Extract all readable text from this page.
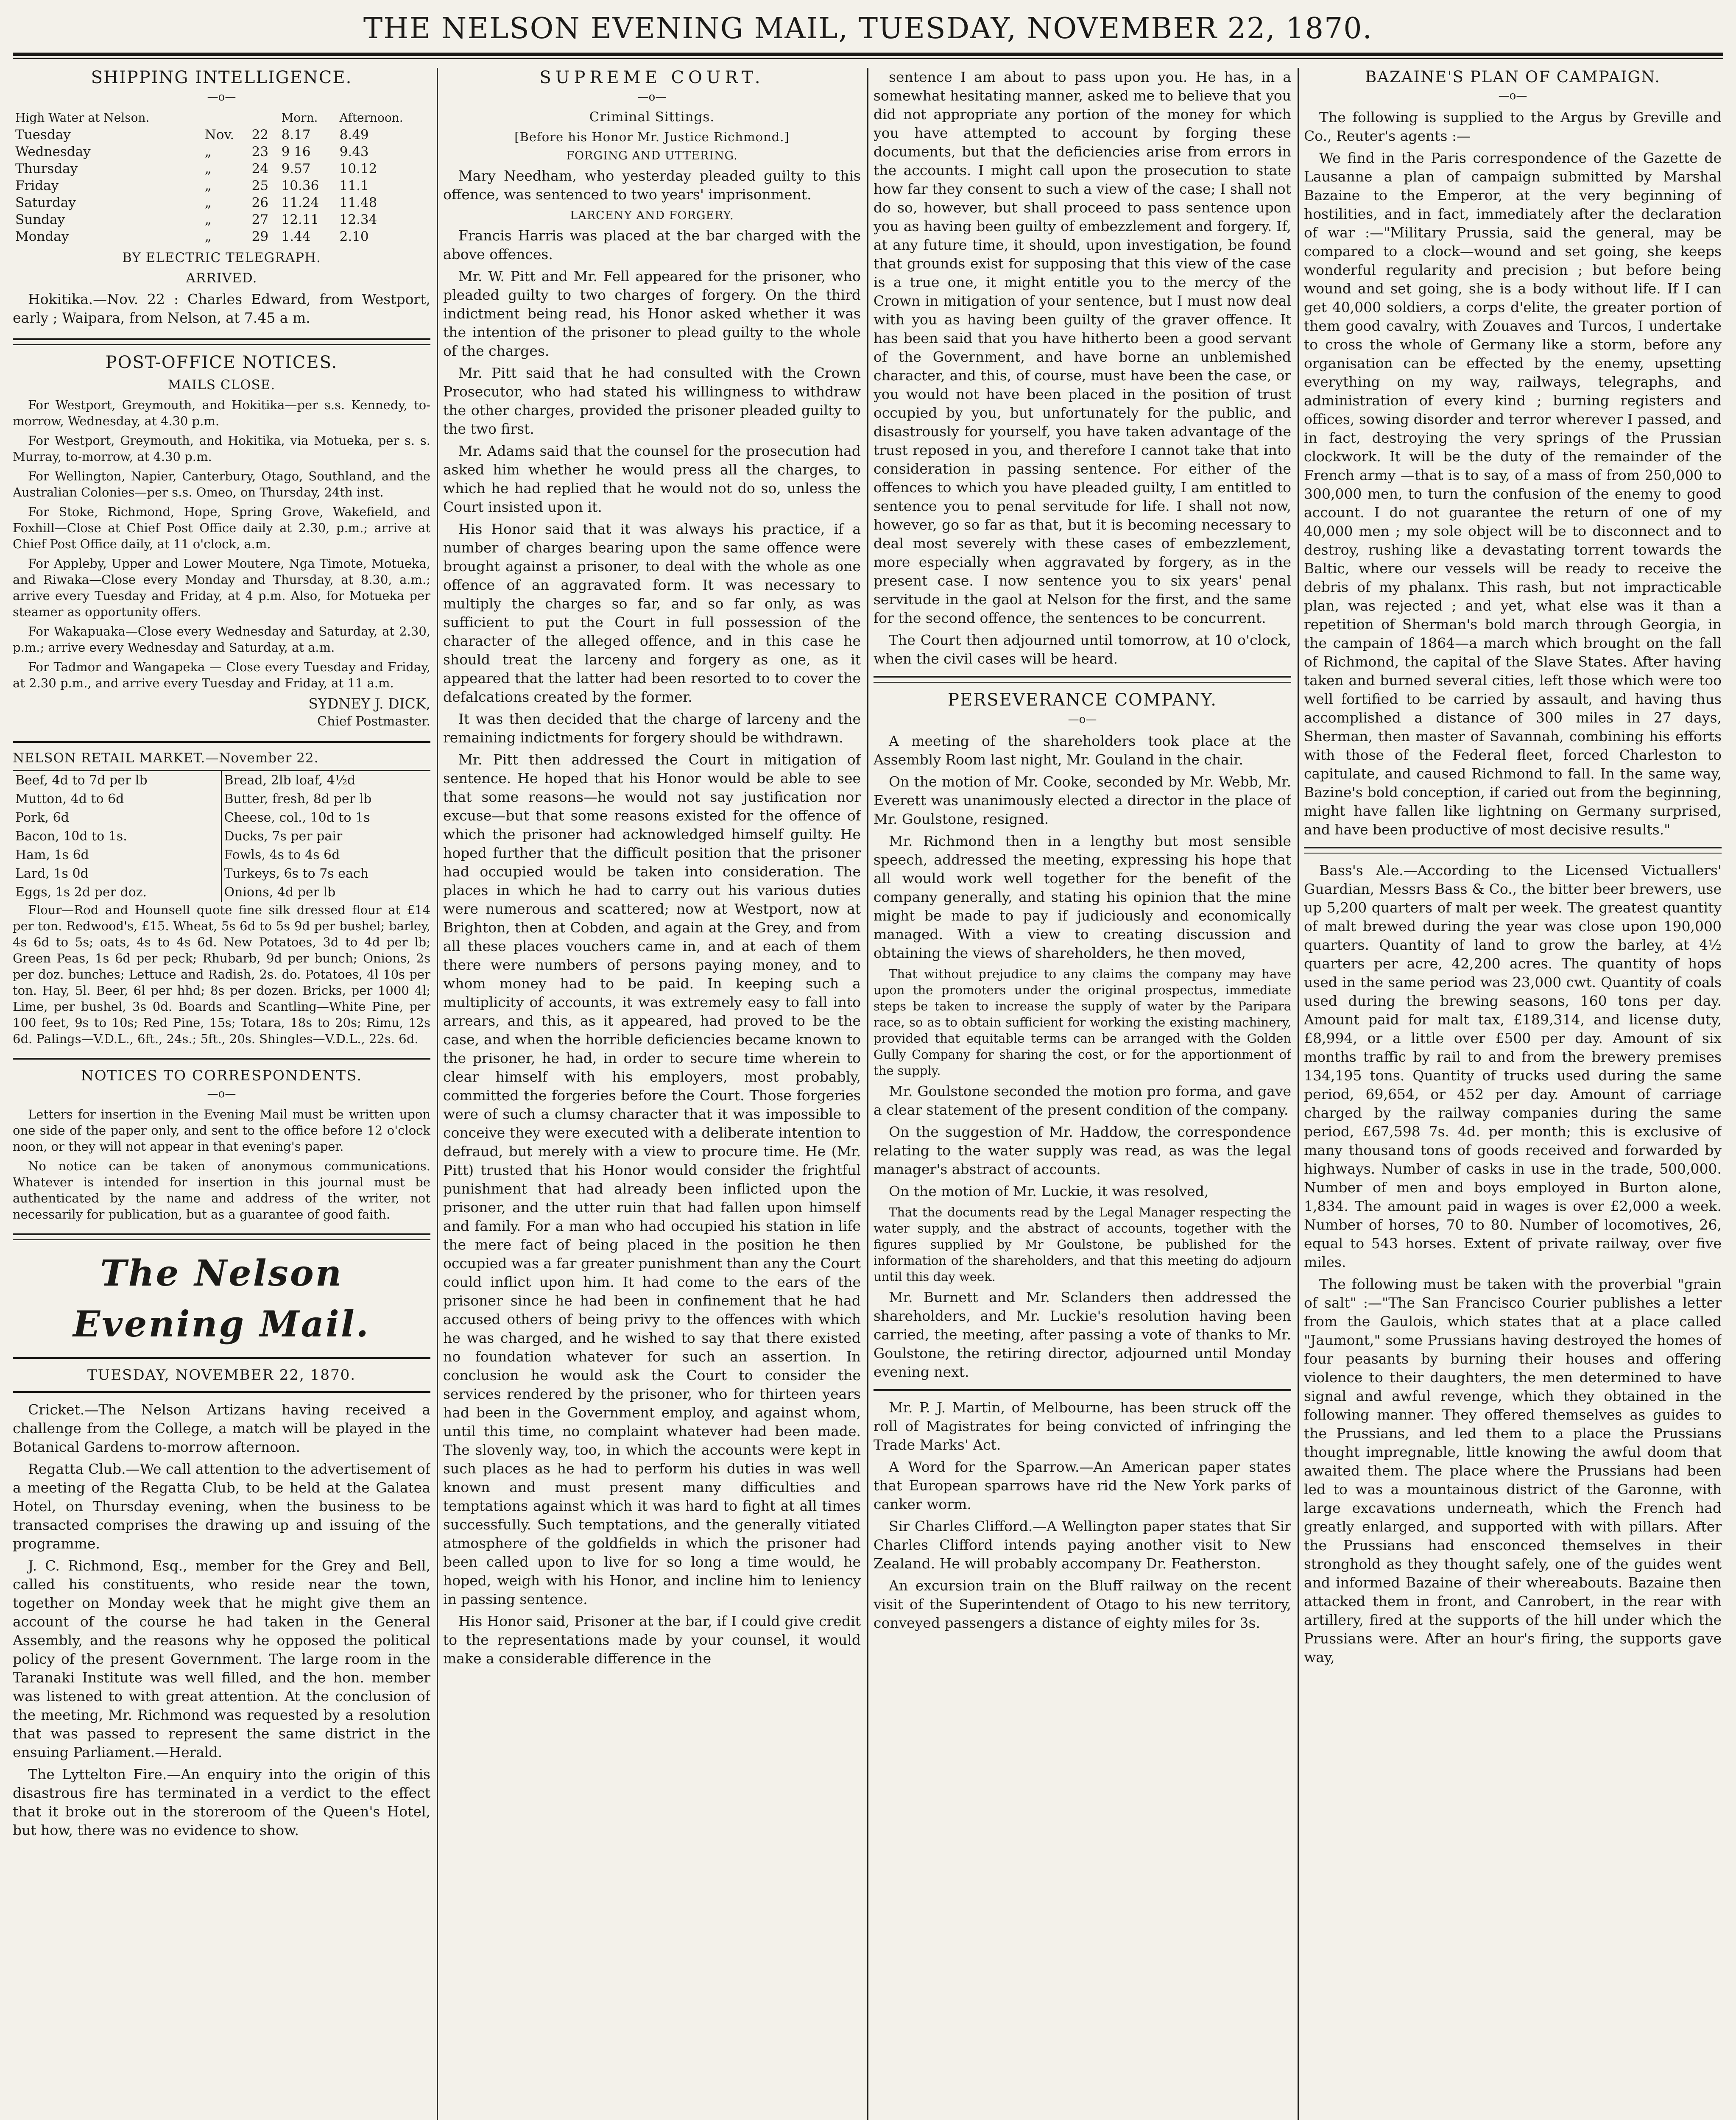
THE NELSON EVENING MAIL, TUESDAY, NOVEMBER 22, 1870.
SHIPPING INTELLIGENCE.
—o—
High Water at Nelson.			Morn.	Afternoon.
Tuesday	Nov.	22	8.17	8.49
Wednesday	„	23	9 16	9.43
Thursday	„	24	9.57	10.12
Friday	„	25	10.36	11.1
Saturday	„	26	11.24	11.48
Sunday	„	27	12.11	12.34
Monday	„	29	1.44	2.10
BY ELECTRIC TELEGRAPH.
ARRIVED.

Hokitika.—Nov. 22 : Charles Edward, from Westport, early ; Waipara, from Nelson, at 7.45 a m.

POST-OFFICE NOTICES.
MAILS CLOSE.

For Westport, Greymouth, and Hokitika—per s.s. Kennedy, to-morrow, Wednesday, at 4.30 p.m.

For Westport, Greymouth, and Hokitika, via Motueka, per s. s. Murray, to-morrow, at 4.30 p.m.

For Wellington, Napier, Canterbury, Otago, Southland, and the Australian Colonies—per s.s. Omeo, on Thursday, 24th inst.

For Stoke, Richmond, Hope, Spring Grove, Wakefield, and Foxhill—Close at Chief Post Office daily at 2.30, p.m.; arrive at Chief Post Office daily, at 11 o'clock, a.m.

For Appleby, Upper and Lower Moutere, Nga Timote, Motueka, and Riwaka—Close every Monday and Thursday, at 8.30, a.m.; arrive every Tuesday and Friday, at 4 p.m. Also, for Motueka per steamer as opportunity offers.

For Wakapuaka—Close every Wednesday and Saturday, at 2.30, p.m.; arrive every Wednesday and Saturday, at a.m.

For Tadmor and Wangapeka — Close every Tuesday and Friday, at 2.30 p.m., and arrive every Tuesday and Friday, at 11 a.m.

SYDNEY J. DICK,
Chief Postmaster.
NELSON RETAIL MARKET.—November 22.
Beef, 4d to 7d per lb	Bread, 2lb loaf, 4½d
Mutton, 4d to 6d	Butter, fresh, 8d per lb
Pork, 6d	Cheese, col., 10d to 1s
Bacon, 10d to 1s.	Ducks, 7s per pair
Ham, 1s 6d	Fowls, 4s to 4s 6d
Lard, 1s 0d	Turkeys, 6s to 7s each
Eggs, 1s 2d per doz.	Onions, 4d per lb

Flour—Rod and Hounsell quote fine silk dressed flour at £14 per ton. Redwood's, £15. Wheat, 5s 6d to 5s 9d per bushel; barley, 4s 6d to 5s; oats, 4s to 4s 6d. New Potatoes, 3d to 4d per lb; Green Peas, 1s 6d per peck; Rhubarb, 9d per bunch; Onions, 2s per doz. bunches; Lettuce and Radish, 2s. do. Potatoes, 4l 10s per ton. Hay, 5l. Beer, 6l per hhd; 8s per dozen. Bricks, per 1000 4l; Lime, per bushel, 3s 0d. Boards and Scantling—White Pine, per 100 feet, 9s to 10s; Red Pine, 15s; Totara, 18s to 20s; Rimu, 12s 6d. Palings—V.D.L., 6ft., 24s.; 5ft., 20s. Shingles—V.D.L., 22s. 6d.

NOTICES TO CORRESPONDENTS.
—o—

Letters for insertion in the Evening Mail must be written upon one side of the paper only, and sent to the office before 12 o'clock noon, or they will not appear in that evening's paper.

No notice can be taken of anonymous communications. Whatever is intended for insertion in this journal must be authenticated by the name and address of the writer, not necessarily for publication, but as a guarantee of good faith.

The Nelson Evening Mail.
TUESDAY, NOVEMBER 22, 1870.

Cricket.—The Nelson Artizans having received a challenge from the College, a match will be played in the Botanical Gardens to-morrow afternoon.

Regatta Club.—We call attention to the advertisement of a meeting of the Regatta Club, to be held at the Galatea Hotel, on Thursday evening, when the business to be transacted comprises the drawing up and issuing of the programme.

J. C. Richmond, Esq., member for the Grey and Bell, called his constituents, who reside near the town, together on Monday week that he might give them an account of the course he had taken in the General Assembly, and the reasons why he opposed the political policy of the present Government. The large room in the Taranaki Institute was well filled, and the hon. member was listened to with great attention. At the conclusion of the meeting, Mr. Richmond was requested by a resolution that was passed to represent the same district in the ensuing Parliament.—Herald.

The Lyttelton Fire.—An enquiry into the origin of this disastrous fire has terminated in a verdict to the effect that it broke out in the storeroom of the Queen's Hotel, but how, there was no evidence to show.

SUPREME COURT.
—o—
Criminal Sittings.
[Before his Honor Mr. Justice Richmond.]
FORGING AND UTTERING.

Mary Needham, who yesterday pleaded guilty to this offence, was sentenced to two years' imprisonment.

LARCENY AND FORGERY.

Francis Harris was placed at the bar charged with the above offences.

Mr. W. Pitt and Mr. Fell appeared for the prisoner, who pleaded guilty to two charges of forgery. On the third indictment being read, his Honor asked whether it was the intention of the prisoner to plead guilty to the whole of the charges.

Mr. Pitt said that he had consulted with the Crown Prosecutor, who had stated his willingness to withdraw the other charges, provided the prisoner pleaded guilty to the two first.

Mr. Adams said that the counsel for the prosecution had asked him whether he would press all the charges, to which he had replied that he would not do so, unless the Court insisted upon it.

His Honor said that it was always his practice, if a number of charges bearing upon the same offence were brought against a prisoner, to deal with the whole as one offence of an aggravated form. It was necessary to multiply the charges so far, and so far only, as was sufficient to put the Court in full possession of the character of the alleged offence, and in this case he should treat the larceny and forgery as one, as it appeared that the latter had been resorted to to cover the defalcations created by the former.

It was then decided that the charge of larceny and the remaining indictments for forgery should be withdrawn.

Mr. Pitt then addressed the Court in mitigation of sentence. He hoped that his Honor would be able to see that some reasons—he would not say justification nor excuse—but that some reasons existed for the offence of which the prisoner had acknowledged himself guilty. He hoped further that the difficult position that the prisoner had occupied would be taken into consideration. The places in which he had to carry out his various duties were numerous and scattered; now at Westport, now at Brighton, then at Cobden, and again at the Grey, and from all these places vouchers came in, and at each of them there were numbers of persons paying money, and to whom money had to be paid. In keeping such a multiplicity of accounts, it was extremely easy to fall into arrears, and this, as it appeared, had proved to be the case, and when the horrible deficiencies became known to the prisoner, he had, in order to secure time wherein to clear himself with his employers, most probably, committed the forgeries before the Court. Those forgeries were of such a clumsy character that it was impossible to conceive they were executed with a deliberate intention to defraud, but merely with a view to procure time. He (Mr. Pitt) trusted that his Honor would consider the frightful punishment that had already been inflicted upon the prisoner, and the utter ruin that had fallen upon himself and family. For a man who had occupied his station in life the mere fact of being placed in the position he then occupied was a far greater punishment than any the Court could inflict upon him. It had come to the ears of the prisoner since he had been in confinement that he had accused others of being privy to the offences with which he was charged, and he wished to say that there existed no foundation whatever for such an assertion. In conclusion he would ask the Court to consider the services rendered by the prisoner, who for thirteen years had been in the Government employ, and against whom, until this time, no complaint whatever had been made. The slovenly way, too, in which the accounts were kept in such places as he had to perform his duties in was well known and must present many difficulties and temptations against which it was hard to fight at all times successfully. Such temptations, and the generally vitiated atmosphere of the goldfields in which the prisoner had been called upon to live for so long a time would, he hoped, weigh with his Honor, and incline him to leniency in passing sentence.

His Honor said, Prisoner at the bar, if I could give credit to the representations made by your counsel, it would make a considerable difference in the

sentence I am about to pass upon you. He has, in a somewhat hesitating manner, asked me to believe that you did not appropriate any portion of the money for which you have attempted to account by forging these documents, but that the deficiencies arise from errors in the accounts. I might call upon the prosecution to state how far they consent to such a view of the case; I shall not do so, however, but shall proceed to pass sentence upon you as having been guilty of embezzlement and forgery. If, at any future time, it should, upon investigation, be found that grounds exist for supposing that this view of the case is a true one, it might entitle you to the mercy of the Crown in mitigation of your sentence, but I must now deal with you as having been guilty of the graver offence. It has been said that you have hitherto been a good servant of the Government, and have borne an unblemished character, and this, of course, must have been the case, or you would not have been placed in the position of trust occupied by you, but unfortunately for the public, and disastrously for yourself, you have taken advantage of the trust reposed in you, and therefore I cannot take that into consideration in passing sentence. For either of the offences to which you have pleaded guilty, I am entitled to sentence you to penal servitude for life. I shall not now, however, go so far as that, but it is becoming necessary to deal most severely with these cases of embezzlement, more especially when aggravated by forgery, as in the present case. I now sentence you to six years' penal servitude in the gaol at Nelson for the first, and the same for the second offence, the sentences to be concurrent.

The Court then adjourned until tomorrow, at 10 o'clock, when the civil cases will be heard.

PERSEVERANCE COMPANY.
—o—

A meeting of the shareholders took place at the Assembly Room last night, Mr. Gouland in the chair.

On the motion of Mr. Cooke, seconded by Mr. Webb, Mr. Everett was unanimously elected a director in the place of Mr. Goulstone, resigned.

Mr. Richmond then in a lengthy but most sensible speech, addressed the meeting, expressing his hope that all would work well together for the benefit of the company generally, and stating his opinion that the mine might be made to pay if judiciously and economically managed. With a view to creating discussion and obtaining the views of shareholders, he then moved,

That without prejudice to any claims the company may have upon the promoters under the original prospectus, immediate steps be taken to increase the supply of water by the Paripara race, so as to obtain sufficient for working the existing machinery, provided that equitable terms can be arranged with the Golden Gully Company for sharing the cost, or for the apportionment of the supply.

Mr. Goulstone seconded the motion pro forma, and gave a clear statement of the present condition of the company.

On the suggestion of Mr. Haddow, the correspondence relating to the water supply was read, as was the legal manager's abstract of accounts.

On the motion of Mr. Luckie, it was resolved,

That the documents read by the Legal Manager respecting the water supply, and the abstract of accounts, together with the figures supplied by Mr Goulstone, be published for the information of the shareholders, and that this meeting do adjourn until this day week.

Mr. Burnett and Mr. Sclanders then addressed the shareholders, and Mr. Luckie's resolution having been carried, the meeting, after passing a vote of thanks to Mr. Goulstone, the retiring director, adjourned until Monday evening next.

Mr. P. J. Martin, of Melbourne, has been struck off the roll of Magistrates for being convicted of infringing the Trade Marks' Act.

A Word for the Sparrow.—An American paper states that European sparrows have rid the New York parks of canker worm.

Sir Charles Clifford.—A Wellington paper states that Sir Charles Clifford intends paying another visit to New Zealand. He will probably accompany Dr. Featherston.

An excursion train on the Bluff railway on the recent visit of the Superintendent of Otago to his new territory, conveyed passengers a distance of eighty miles for 3s.

BAZAINE'S PLAN OF CAMPAIGN.
—o—

The following is supplied to the Argus by Greville and Co., Reuter's agents :—

We find in the Paris correspondence of the Gazette de Lausanne a plan of campaign submitted by Marshal Bazaine to the Emperor, at the very beginning of hostilities, and in fact, immediately after the declaration of war :—"Military Prussia, said the general, may be compared to a clock—wound and set going, she keeps wonderful regularity and precision ; but before being wound and set going, she is a body without life. If I can get 40,000 soldiers, a corps d'elite, the greater portion of them good cavalry, with Zouaves and Turcos, I undertake to cross the whole of Germany like a storm, before any organisation can be effected by the enemy, upsetting everything on my way, railways, telegraphs, and administration of every kind ; burning registers and offices, sowing disorder and terror wherever I passed, and in fact, destroying the very springs of the Prussian clockwork. It will be the duty of the remainder of the French army —that is to say, of a mass of from 250,000 to 300,000 men, to turn the confusion of the enemy to good account. I do not guarantee the return of one of my 40,000 men ; my sole object will be to disconnect and to destroy, rushing like a devastating torrent towards the Baltic, where our vessels will be ready to receive the debris of my phalanx. This rash, but not impracticable plan, was rejected ; and yet, what else was it than a repetition of Sherman's bold march through Georgia, in the campain of 1864—a march which brought on the fall of Richmond, the capital of the Slave States. After having taken and burned several cities, left those which were too well fortified to be carried by assault, and having thus accomplished a distance of 300 miles in 27 days, Sherman, then master of Savannah, combining his efforts with those of the Federal fleet, forced Charleston to capitulate, and caused Richmond to fall. In the same way, Bazine's bold conception, if caried out from the beginning, might have fallen like lightning on Germany surprised, and have been productive of most decisive results."

Bass's Ale.—According to the Licensed Victuallers' Guardian, Messrs Bass & Co., the bitter beer brewers, use up 5,200 quarters of malt per week. The greatest quantity of malt brewed during the year was close upon 190,000 quarters. Quantity of land to grow the barley, at 4½ quarters per acre, 42,200 acres. The quantity of hops used in the same period was 23,000 cwt. Quantity of coals used during the brewing seasons, 160 tons per day. Amount paid for malt tax, £189,314, and license duty, £8,994, or a little over £500 per day. Amount of six months traffic by rail to and from the brewery premises 134,195 tons. Quantity of trucks used during the same period, 69,654, or 452 per day. Amount of carriage charged by the railway companies during the same period, £67,598 7s. 4d. per month; this is exclusive of many thousand tons of goods received and forwarded by highways. Number of casks in use in the trade, 500,000. Number of men and boys employed in Burton alone, 1,834. The amount paid in wages is over £2,000 a week. Number of horses, 70 to 80. Number of locomotives, 26, equal to 543 horses. Extent of private railway, over five miles.

The following must be taken with the proverbial "grain of salt" :—"The San Francisco Courier publishes a letter from the Gaulois, which states that at a place called "Jaumont," some Prussians having destroyed the homes of four peasants by burning their houses and offering violence to their daughters, the men determined to have signal and awful revenge, which they obtained in the following manner. They offered themselves as guides to the Prussians, and led them to a place the Prussians thought impregnable, little knowing the awful doom that awaited them. The place where the Prussians had been led to was a mountainous district of the Garonne, with large excavations underneath, which the French had greatly enlarged, and supported with with pillars. After the Prussians had ensconced themselves in their stronghold as they thought safely, one of the guides went and informed Bazaine of their whereabouts. Bazaine then attacked them in front, and Canrobert, in the rear with artillery, fired at the supports of the hill under which the Prussians were. After an hour's firing, the supports gave way,
